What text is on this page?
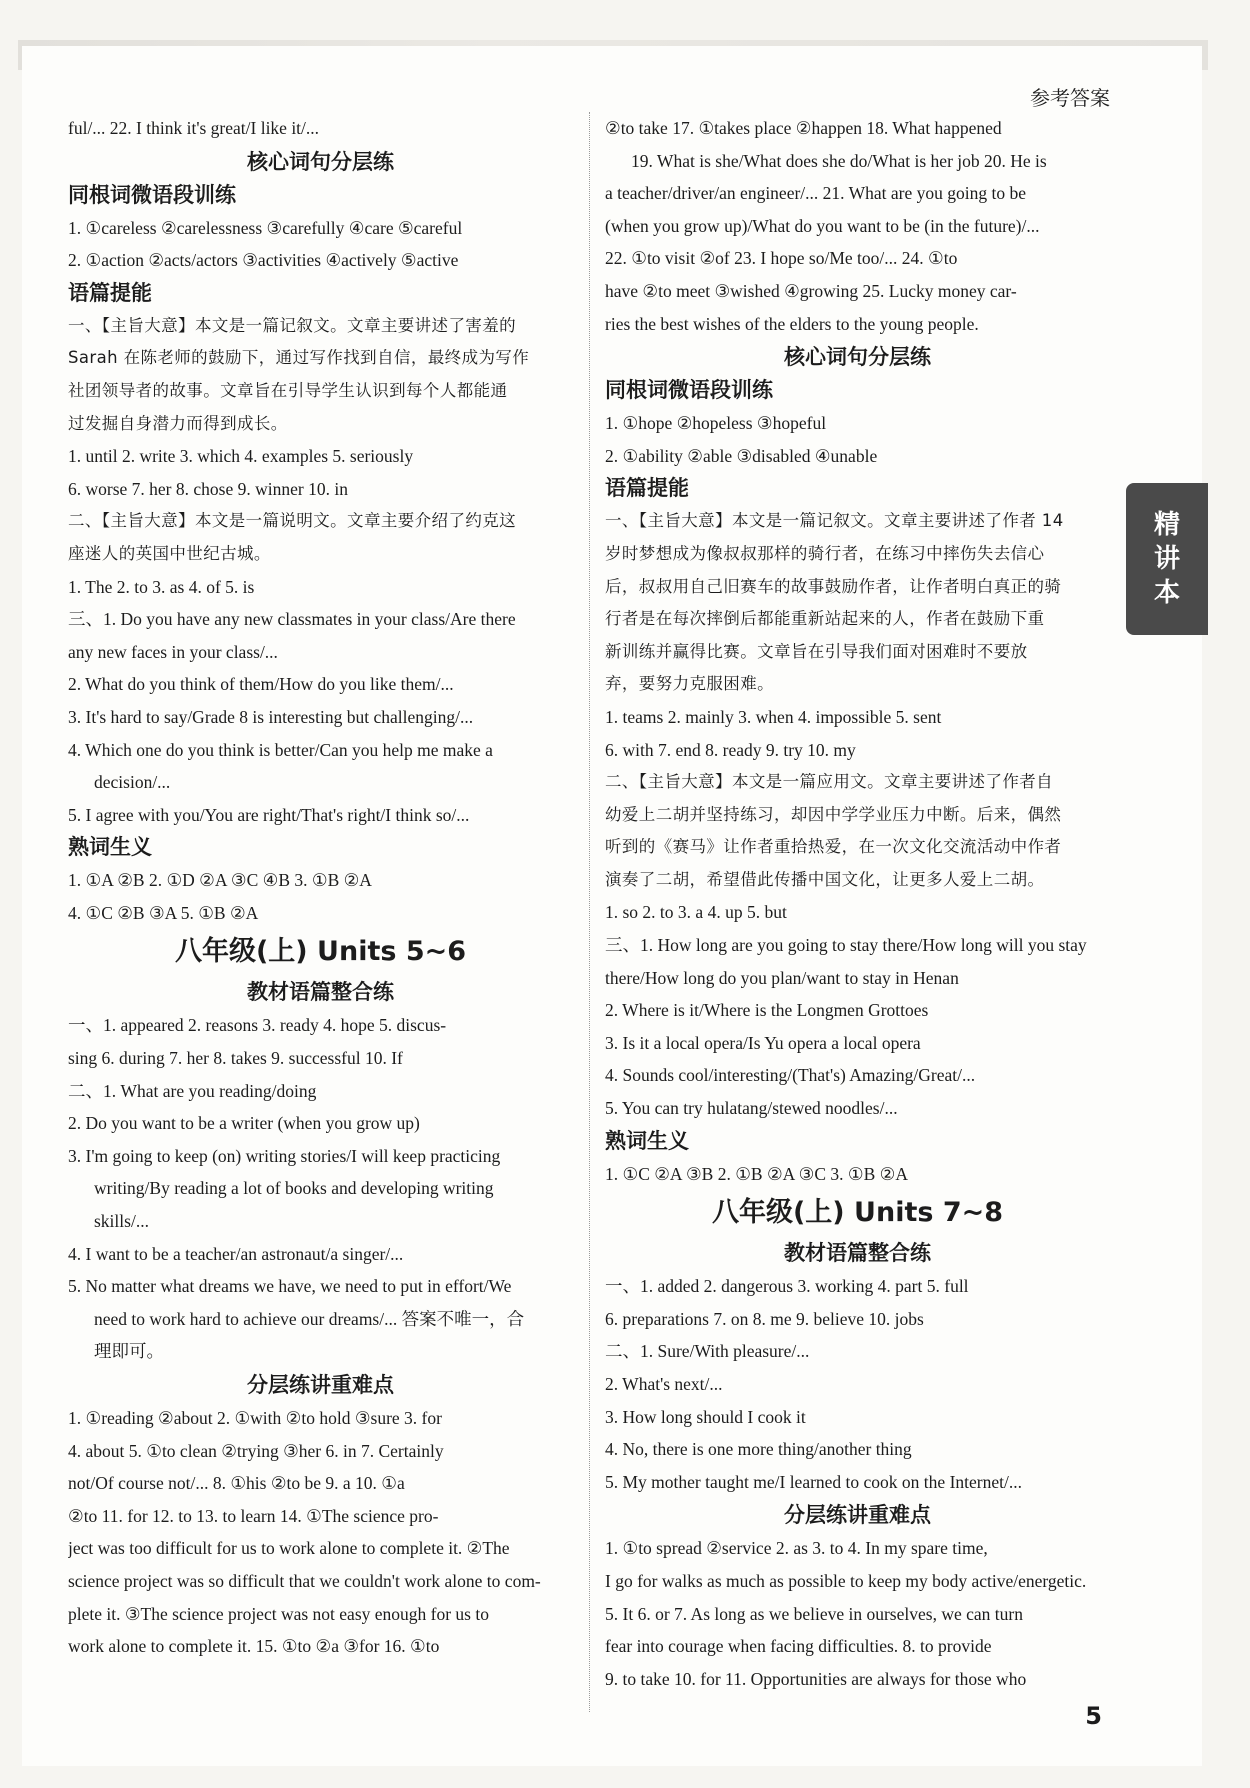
参考答案
ful/... 22. I think it's great/I like it/...
核心词句分层练
同根词微语段训练
1. ①careless ②carelessness ③carefully ④care ⑤careful
2. ①action ②acts/actors ③activities ④actively ⑤active
语篇提能
一、【主旨大意】本文是一篇记叙文。文章主要讲述了害羞的
Sarah 在陈老师的鼓励下，通过写作找到自信，最终成为写作
社团领导者的故事。文章旨在引导学生认识到每个人都能通
过发掘自身潜力而得到成长。
1. until 2. write 3. which 4. examples 5. seriously
6. worse 7. her 8. chose 9. winner 10. in
二、【主旨大意】本文是一篇说明文。文章主要介绍了约克这
座迷人的英国中世纪古城。
1. The 2. to 3. as 4. of 5. is
三、1. Do you have any new classmates in your class/Are there
any new faces in your class/...
2. What do you think of them/How do you like them/...
3. It's hard to say/Grade 8 is interesting but challenging/...
4. Which one do you think is better/Can you help me make a
decision/...
5. I agree with you/You are right/That's right/I think so/...
熟词生义
1. ①A ②B 2. ①D ②A ③C ④B 3. ①B ②A
4. ①C ②B ③A 5. ①B ②A
八年级(上) Units 5~6
教材语篇整合练
一、1. appeared 2. reasons 3. ready 4. hope 5. discus-
sing 6. during 7. her 8. takes 9. successful 10. If
二、1. What are you reading/doing
2. Do you want to be a writer (when you grow up)
3. I'm going to keep (on) writing stories/I will keep practicing
writing/By reading a lot of books and developing writing
skills/...
4. I want to be a teacher/an astronaut/a singer/...
5. No matter what dreams we have, we need to put in effort/We
need to work hard to achieve our dreams/... 答案不唯一，合
理即可。
分层练讲重难点
1. ①reading ②about 2. ①with ②to hold ③sure 3. for
4. about 5. ①to clean ②trying ③her 6. in 7. Certainly
not/Of course not/... 8. ①his ②to be 9. a 10. ①a
②to 11. for 12. to 13. to learn 14. ①The science pro-
ject was too difficult for us to work alone to complete it. ②The
science project was so difficult that we couldn't work alone to com-
plete it. ③The science project was not easy enough for us to
work alone to complete it. 15. ①to ②a ③for 16. ①to
②to take 17. ①takes place ②happen 18. What happened
19. What is she/What does she do/What is her job 20. He is
a teacher/driver/an engineer/... 21. What are you going to be
(when you grow up)/What do you want to be (in the future)/...
22. ①to visit ②of 23. I hope so/Me too/... 24. ①to
have ②to meet ③wished ④growing 25. Lucky money car-
ries the best wishes of the elders to the young people.
核心词句分层练
同根词微语段训练
1. ①hope ②hopeless ③hopeful
2. ①ability ②able ③disabled ④unable
语篇提能
一、【主旨大意】本文是一篇记叙文。文章主要讲述了作者 14
岁时梦想成为像叔叔那样的骑行者，在练习中摔伤失去信心
后，叔叔用自己旧赛车的故事鼓励作者，让作者明白真正的骑
行者是在每次摔倒后都能重新站起来的人，作者在鼓励下重
新训练并赢得比赛。文章旨在引导我们面对困难时不要放
弃，要努力克服困难。
1. teams 2. mainly 3. when 4. impossible 5. sent
6. with 7. end 8. ready 9. try 10. my
二、【主旨大意】本文是一篇应用文。文章主要讲述了作者自
幼爱上二胡并坚持练习，却因中学学业压力中断。后来，偶然
听到的《赛马》让作者重拾热爱，在一次文化交流活动中作者
演奏了二胡，希望借此传播中国文化，让更多人爱上二胡。
1. so 2. to 3. a 4. up 5. but
三、1. How long are you going to stay there/How long will you stay
there/How long do you plan/want to stay in Henan
2. Where is it/Where is the Longmen Grottoes
3. Is it a local opera/Is Yu opera a local opera
4. Sounds cool/interesting/(That's) Amazing/Great/...
5. You can try hulatang/stewed noodles/...
熟词生义
1. ①C ②A ③B 2. ①B ②A ③C 3. ①B ②A
八年级(上) Units 7~8
教材语篇整合练
一、1. added 2. dangerous 3. working 4. part 5. full
6. preparations 7. on 8. me 9. believe 10. jobs
二、1. Sure/With pleasure/...
2. What's next/...
3. How long should I cook it
4. No, there is one more thing/another thing
5. My mother taught me/I learned to cook on the Internet/...
分层练讲重难点
1. ①to spread ②service 2. as 3. to 4. In my spare time,
I go for walks as much as possible to keep my body active/energetic.
5. It 6. or 7. As long as we believe in ourselves, we can turn
fear into courage when facing difficulties. 8. to provide
9. to take 10. for 11. Opportunities are always for those who
精
讲
本
5
